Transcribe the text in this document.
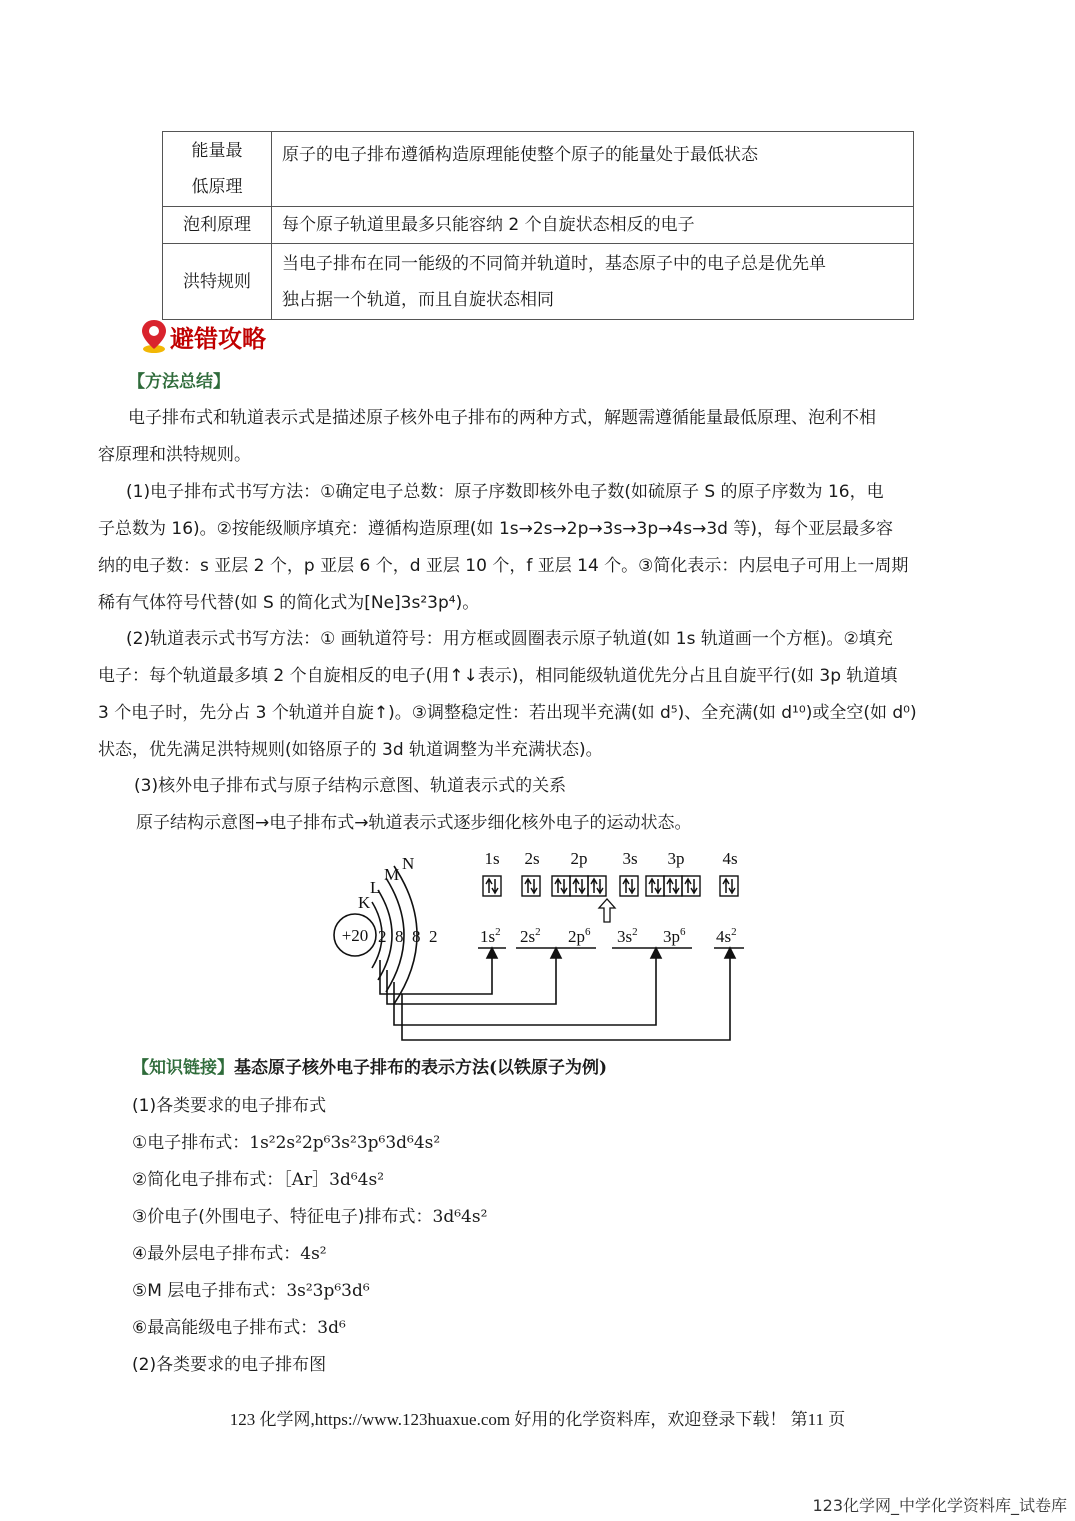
能量最
低原理	原子的电子排布遵循构造原理能使整个原子的能量处于最低状态
泡利原理	每个原子轨道里最多只能容纳 2 个自旋状态相反的电子
洪特规则	当电子排布在同一能级的不同简并轨道时，基态原子中的电子总是优先单
独占据一个轨道，而且自旋状态相同
避错攻略
【方法总结】
电子排布式和轨道表示式是描述原子核外电子排布的两种方式，解题需遵循能量最低原理、泡利不相
容原理和洪特规则。
(1)电子排布式书写方法：①确定电子总数：原子序数即核外电子数(如硫原子 S 的原子序数为 16，电
子总数为 16)。②按能级顺序填充：遵循构造原理(如 1s→2s→2p→3s→3p→4s→3d 等)，每个亚层最多容
纳的电子数：s 亚层 2 个，p 亚层 6 个，d 亚层 10 个，f 亚层 14 个。③简化表示：内层电子可用上一周期
稀有气体符号代替(如 S 的简化式为[Ne]3s²3p⁴)。
(2)轨道表示式书写方法：① 画轨道符号：用方框或圆圈表示原子轨道(如 1s 轨道画一个方框)。②填充
电子：每个轨道最多填 2 个自旋相反的电子(用↑↓表示)，相同能级轨道优先分占且自旋平行(如 3p 轨道填
3 个电子时，先分占 3 个轨道并自旋↑)。③调整稳定性：若出现半充满(如 d⁵)、全充满(如 d¹⁰)或全空(如 d⁰)
状态，优先满足洪特规则(如铬原子的 3d 轨道调整为半充满状态)。
(3)核外电子排布式与原子结构示意图、轨道表示式的关系
原子结构示意图→电子排布式→轨道表示式逐步细化核外电子的运动状态。
+20
K
L
M
N
2 8 8 2
1s 2s 2p 3s 3p 4s
$1s^2$ $2s^2$ $2p^6$ $3s^2$ $3p^6$ $4s^2$
【知识链接】基态原子核外电子排布的表示方法(以铁原子为例)
(1)各类要求的电子排布式
①电子排布式：1s²2s²2p⁶3s²3p⁶3d⁶4s²
②简化电子排布式：［Ar］3d⁶4s²
③价电子(外围电子、特征电子)排布式：3d⁶4s²
④最外层电子排布式：4s²
⑤M 层电子排布式：3s²3p⁶3d⁶
⑥最高能级电子排布式：3d⁶
(2)各类要求的电子排布图
123 化学网,https://www.123huaxue.com 好用的化学资料库，欢迎登录下载！ 第11 页
123化学网_中学化学资料库_试卷库
